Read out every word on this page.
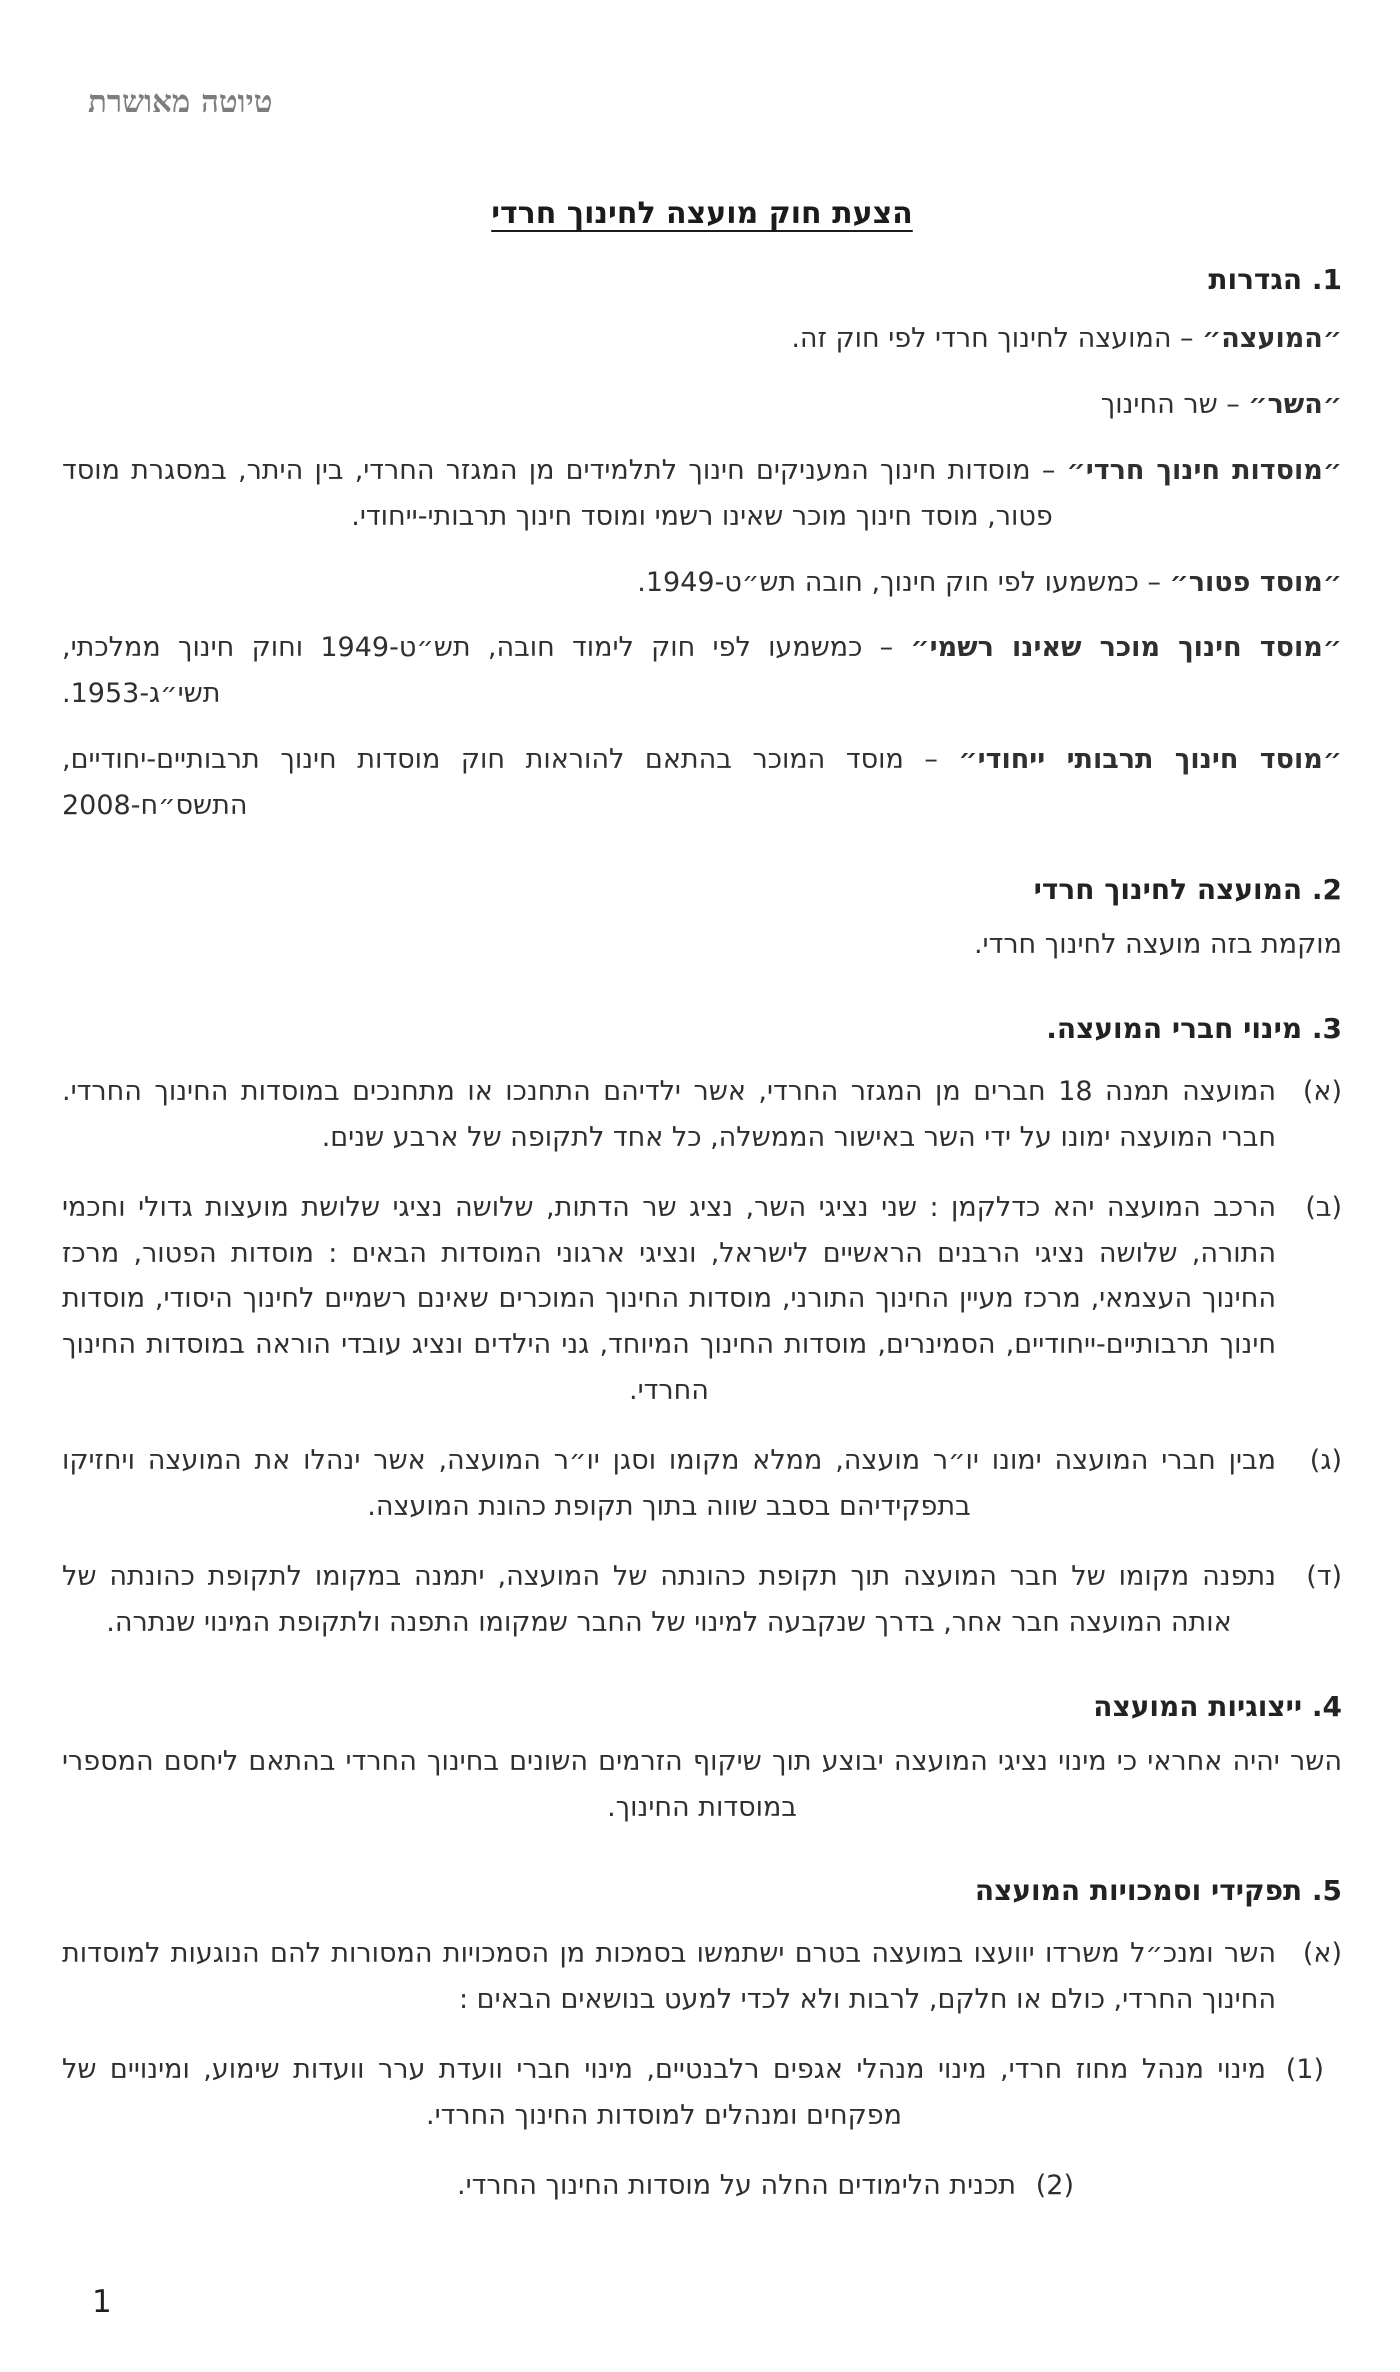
טיוטה מאושרת
הצעת חוק מועצה לחינוך חרדי
1. הגדרות

״המועצה״ – המועצה לחינוך חרדי לפי חוק זה.

״השר״ – שר החינוך

״מוסדות חינוך חרדי״ – מוסדות חינוך המעניקים חינוך לתלמידים מן המגזר החרדי, בין היתר, במסגרת מוסד פטור, מוסד חינוך מוכר שאינו רשמי ומוסד חינוך תרבותי-ייחודי.

״מוסד פטור״ – כמשמעו לפי חוק חינוך, חובה תש״ט-1949.

״מוסד חינוך מוכר שאינו רשמי״ – כמשמעו לפי חוק לימוד חובה, תש״ט-1949 וחוק חינוך ממלכתי, תשי״ג-1953.

״מוסד חינוך תרבותי ייחודי״ – מוסד המוכר בהתאם להוראות חוק מוסדות חינוך תרבותיים-יחודיים, התשס״ח-2008

2. המועצה לחינוך חרדי

מוקמת בזה מועצה לחינוך חרדי.

3. מינוי חברי המועצה.
(א)
המועצה תמנה 18 חברים מן המגזר החרדי, אשר ילדיהם התחנכו או מתחנכים במוסדות החינוך החרדי. חברי המועצה ימונו על ידי השר באישור הממשלה, כל אחד לתקופה של ארבע שנים.
(ב)
הרכב המועצה יהא כדלקמן : שני נציגי השר, נציג שר הדתות, שלושה נציגי שלושת מועצות גדולי וחכמי התורה, שלושה נציגי הרבנים הראשיים לישראל, ונציגי ארגוני המוסדות הבאים : מוסדות הפטור, מרכז החינוך העצמאי, מרכז מעיין החינוך התורני, מוסדות החינוך המוכרים שאינם רשמיים לחינוך היסודי, מוסדות חינוך תרבותיים-ייחודיים, הסמינרים, מוסדות החינוך המיוחד, גני הילדים ונציג עובדי הוראה במוסדות החינוך החרדי.
(ג)
מבין חברי המועצה ימונו יו״ר מועצה, ממלא מקומו וסגן יו״ר המועצה, אשר ינהלו את המועצה ויחזיקו בתפקידיהם בסבב שווה בתוך תקופת כהונת המועצה.
(ד)
נתפנה מקומו של חבר המועצה תוך תקופת כהונתה של המועצה, יתמנה במקומו לתקופת כהונתה של אותה המועצה חבר אחר, בדרך שנקבעה למינוי של החבר שמקומו התפנה ולתקופת המינוי שנתרה.
4. ייצוגיות המועצה

השר יהיה אחראי כי מינוי נציגי המועצה יבוצע תוך שיקוף הזרמים השונים בחינוך החרדי בהתאם ליחסם המספרי במוסדות החינוך.

5. תפקידי וסמכויות המועצה
(א)
השר ומנכ״ל משרדו יוועצו במועצה בטרם ישתמשו בסמכות מן הסמכויות המסורות להם הנוגעות למוסדות החינוך החרדי, כולם או חלקם, לרבות ולא לכדי למעט בנושאים הבאים :
(1)
מינוי מנהל מחוז חרדי, מינוי מנהלי אגפים רלבנטיים, מינוי חברי וועדת ערר וועדות שימוע, ומינויים של מפקחים ומנהלים למוסדות החינוך החרדי.
(2)
תכנית הלימודים החלה על מוסדות החינוך החרדי.
1
